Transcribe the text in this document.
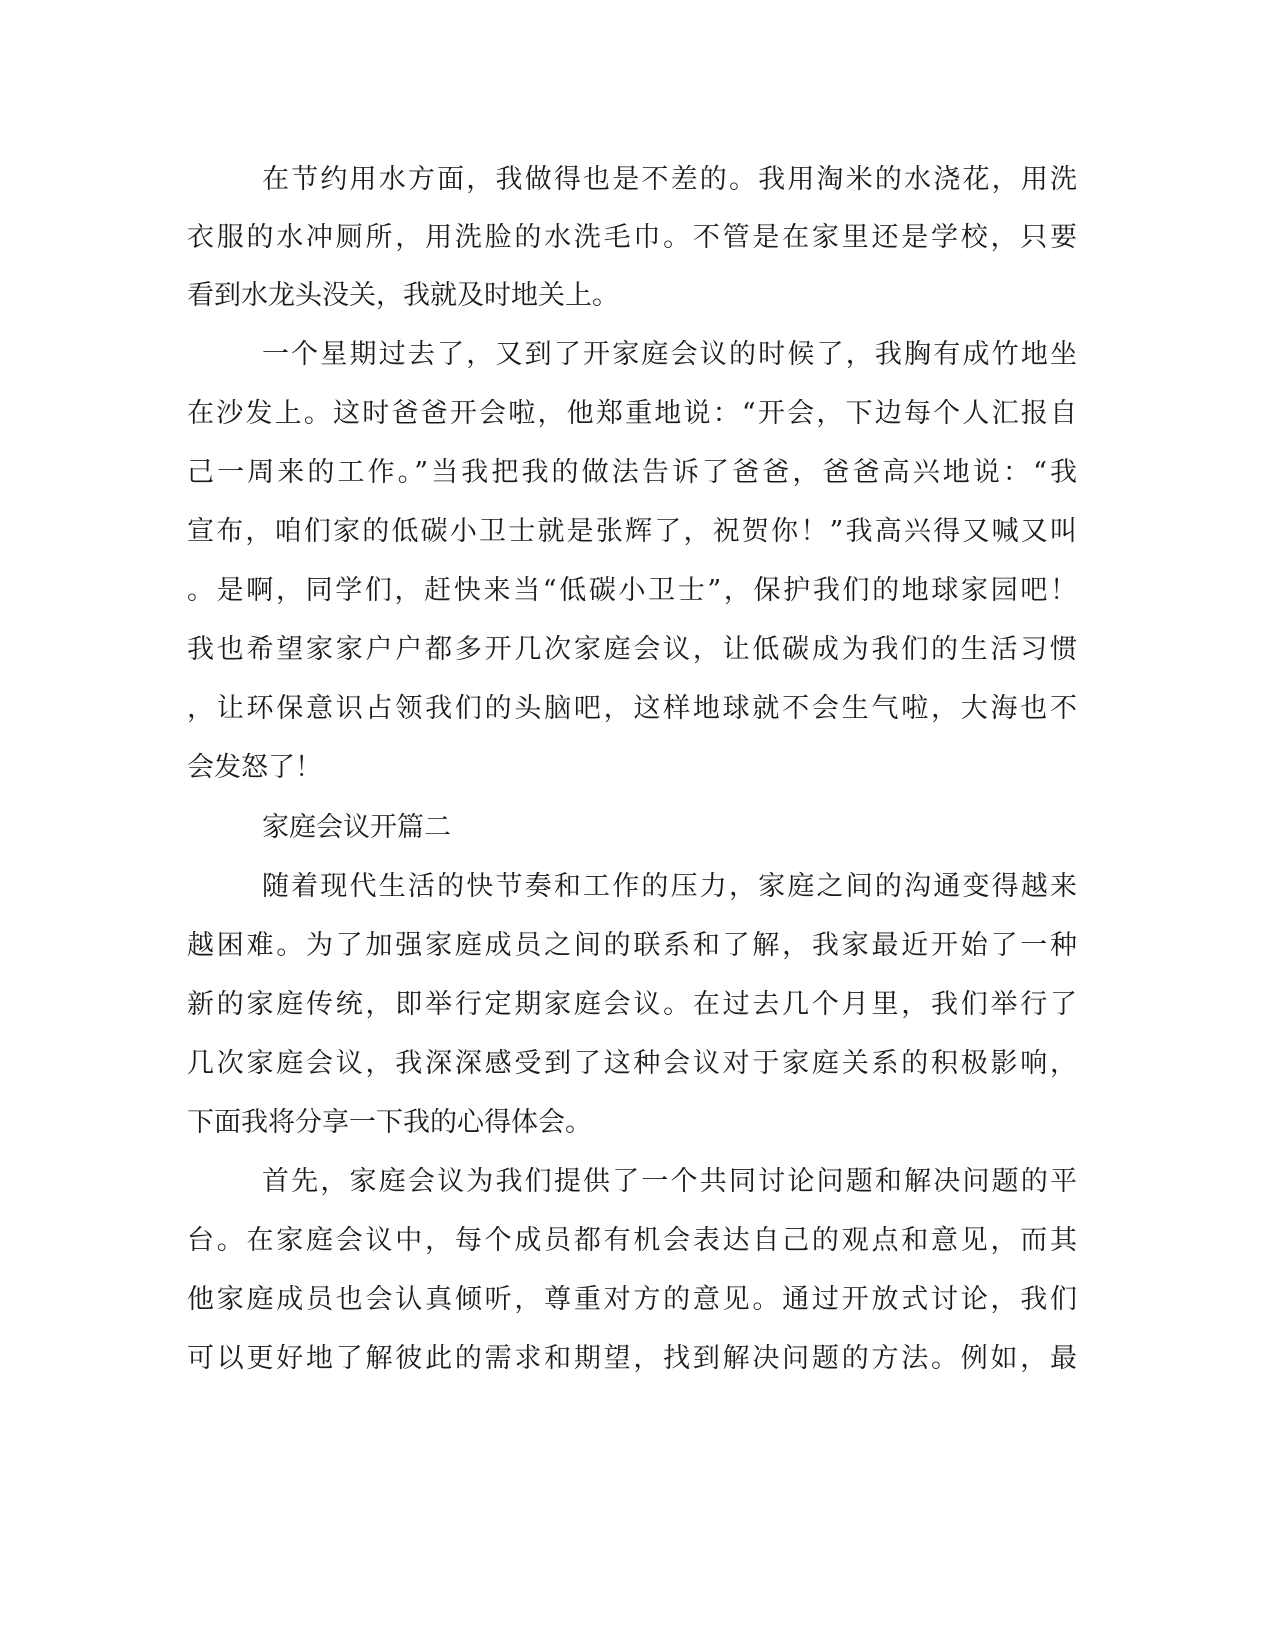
在节约用水方面，我做得也是不差的。我用淘米的水浇花，用洗
衣服的水冲厕所，用洗脸的水洗毛巾。不管是在家里还是学校，只要
看到水龙头没关，我就及时地关上。
一个星期过去了，又到了开家庭会议的时候了，我胸有成竹地坐
在沙发上。这时爸爸开会啦，他郑重地说：“开会，下边每个人汇报自
己一周来的工作。”当我把我的做法告诉了爸爸，爸爸高兴地说：“我
宣布，咱们家的低碳小卫士就是张辉了，祝贺你！”我高兴得又喊又叫
。是啊，同学们，赶快来当“低碳小卫士”，保护我们的地球家园吧！
我也希望家家户户都多开几次家庭会议，让低碳成为我们的生活习惯
，让环保意识占领我们的头脑吧，这样地球就不会生气啦，大海也不
会发怒了！
家庭会议开篇二
随着现代生活的快节奏和工作的压力，家庭之间的沟通变得越来
越困难。为了加强家庭成员之间的联系和了解，我家最近开始了一种
新的家庭传统，即举行定期家庭会议。在过去几个月里，我们举行了
几次家庭会议，我深深感受到了这种会议对于家庭关系的积极影响，
下面我将分享一下我的心得体会。
首先，家庭会议为我们提供了一个共同讨论问题和解决问题的平
台。在家庭会议中，每个成员都有机会表达自己的观点和意见，而其
他家庭成员也会认真倾听，尊重对方的意见。通过开放式讨论，我们
可以更好地了解彼此的需求和期望，找到解决问题的方法。例如，最
